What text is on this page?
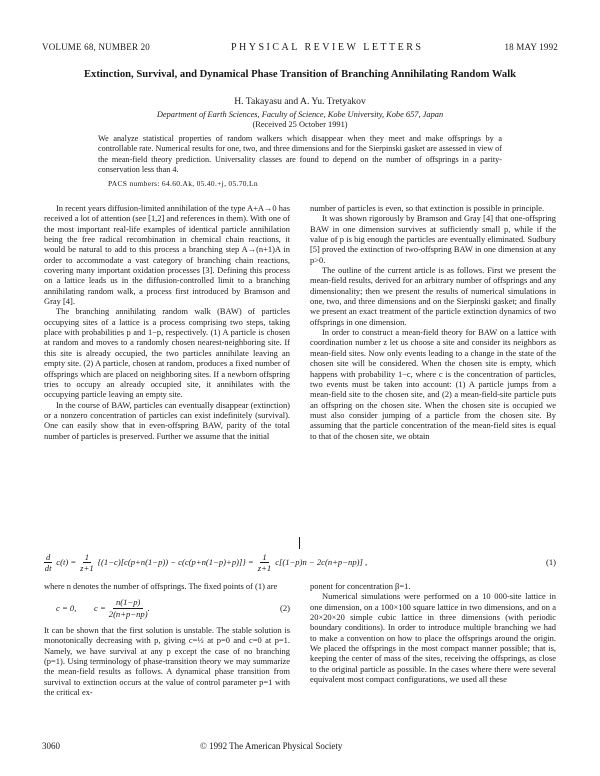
VOLUME 68, NUMBER 20	PHYSICAL REVIEW LETTERS	18 MAY 1992
Extinction, Survival, and Dynamical Phase Transition of Branching Annihilating Random Walk
H. Takayasu and A. Yu. Tretyakov
Department of Earth Sciences, Faculty of Science, Kobe University, Kobe 657, Japan
(Received 25 October 1991)
We analyze statistical properties of random walkers which disappear when they meet and make offsprings by a controllable rate. Numerical results for one, two, and three dimensions and for the Sierpinski gasket are assessed in view of the mean-field theory prediction. Universality classes are found to depend on the number of offsprings in a parity-conservation less than 4.
PACS numbers: 64.60.Ak, 05.40.+j, 05.70.Ln

In recent years diffusion-limited annihilation of the type A+A→0 has received a lot of attention (see [1,2] and references in them). With one of the most important real-life examples of identical particle annihilation being the free radical recombination in chemical chain reactions, it would be natural to add to this process a branching step A→(n+1)A in order to accommodate a vast category of branching chain reactions, covering many important oxidation processes [3]. Defining this process on a lattice leads us in the diffusion-controlled limit to a branching annihilating random walk, a process first introduced by Bramson and Gray [4].

The branching annihilating random walk (BAW) of particles occupying sites of a lattice is a process comprising two steps, taking place with probabilities p and 1−p, respectively. (1) A particle is chosen at random and moves to a randomly chosen nearest-neighboring site. If this site is already occupied, the two particles annihilate leaving an empty site. (2) A particle, chosen at random, produces a fixed number of offsprings which are placed on neighboring sites. If a newborn offspring tries to occupy an already occupied site, it annihilates with the occupying particle leaving an empty site.

In the course of BAW, particles can eventually disappear (extinction) or a nonzero concentration of particles can exist indefinitely (survival). One can easily show that in even-offspring BAW, parity of the total number of particles is preserved. Further we assume that the initial

number of particles is even, so that extinction is possible in principle.

It was shown rigorously by Bramson and Gray [4] that one-offspring BAW in one dimension survives at sufficiently small p, while if the value of p is big enough the particles are eventually eliminated. Sudbury [5] proved the extinction of two-offspring BAW in one dimension at any p>0.

The outline of the current article is as follows. First we present the mean-field results, derived for an arbitrary number of offsprings and any dimensionality; then we present the results of numerical simulations in one, two, and three dimensions and on the Sierpinski gasket; and finally we present an exact treatment of the particle extinction dynamics of two offsprings in one dimension.

In order to construct a mean-field theory for BAW on a lattice with coordination number z let us choose a site and consider its neighbors as mean-field sites. Now only events leading to a change in the state of the chosen site will be considered. When the chosen site is empty, which happens with probability 1−c, where c is the concentration of particles, two events must be taken into account: (1) A particle jumps from a mean-field site to the chosen site, and (2) a mean-field-site particle puts an offspring on the chosen site. When the chosen site is occupied we must also consider jumping of a particle from the chosen site. By assuming that the particle concentration of the mean-field sites is equal to that of the chosen site, we obtain

$\frac{d}{dt} c(t) = \frac{1}{z+1} \{(1-c)[c(p+n(1-p)) - c(c(p+n(1-p)+p)]\} = \frac{1}{z+1} c[(1-p)n - 2c(n+p-np)]$ ,	(1)

where n denotes the number of offsprings. The fixed points of (1) are

c = 0,	$c = \frac{n(1-p)}{2(n+p-np)}$ .	(2)

It can be shown that the first solution is unstable. The stable solution is monotonically decreasing with p, giving c=½ at p=0 and c=0 at p=1. Namely, we have survival at any p except the case of no branching (p=1). Using terminology of phase-transition theory we may summarize the mean-field results as follows. A dynamical phase transition from survival to extinction occurs at the value of control parameter p=1 with the critical ex-

ponent for concentration β=1.

Numerical simulations were performed on a 10 000-site lattice in one dimension, on a 100×100 square lattice in two dimensions, and on a 20×20×20 simple cubic lattice in three dimensions (with periodic boundary conditions). In order to introduce multiple branching we had to make a convention on how to place the offsprings around the origin. We placed the offsprings in the most compact manner possible; that is, keeping the center of mass of the sites, receiving the offsprings, as close to the original particle as possible. In the cases where there were several equivalent most compact configurations, we used all these

3060	© 1992 The American Physical Society
